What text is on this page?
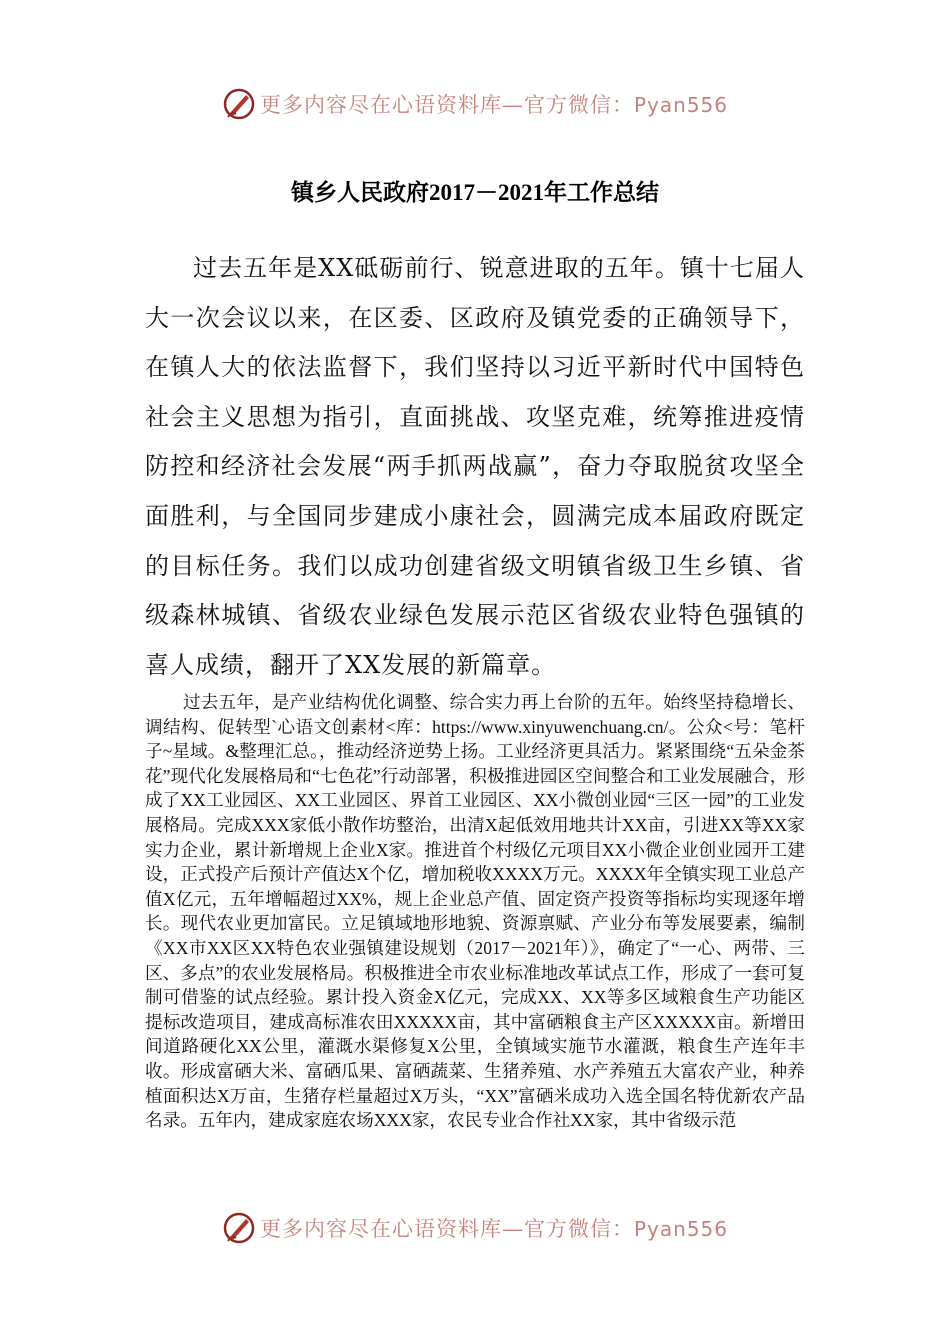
更多内容尽在心语资料库—官方微信：Pyan556
镇乡人民政府2017－2021年工作总结

过去五年是XX砥砺前行、锐意进取的五年。镇十七届人大一次会议以来，在区委、区政府及镇党委的正确领导下，在镇人大的依法监督下，我们坚持以习近平新时代中国特色社会主义思想为指引，直面挑战、攻坚克难，统筹推进疫情防控和经济社会发展“两手抓两战赢”，奋力夺取脱贫攻坚全面胜利，与全国同步建成小康社会，圆满完成本届政府既定的目标任务。我们以成功创建省级文明镇省级卫生乡镇、省级森林城镇、省级农业绿色发展示范区省级农业特色强镇的喜人成绩，翻开了XX发展的新篇章。

过去五年，是产业结构优化调整、综合实力再上台阶的五年。始终坚持稳增长、调结构、促转型`心语文创素材<库：https://www.xinyuwenchuang.cn/。公众<号：笔杆子~星域。&整理汇总。，推动经济逆势上扬。工业经济更具活力。紧紧围绕“五朵金茶花”现代化发展格局和“七色花”行动部署，积极推进园区空间整合和工业发展融合，形成了XX工业园区、XX工业园区、界首工业园区、XX小微创业园“三区一园”的工业发展格局。完成XXX家低小散作坊整治，出清X起低效用地共计XX亩，引进XX等XX家实力企业，累计新增规上企业X家。推进首个村级亿元项目XX小微企业创业园开工建设，正式投产后预计产值达X个亿，增加税收XXXX万元。XXXX年全镇实现工业总产值X亿元，五年增幅超过XX%，规上企业总产值、固定资产投资等指标均实现逐年增长。现代农业更加富民。立足镇域地形地貌、资源禀赋、产业分布等发展要素，编制《XX市XX区XX特色农业强镇建设规划（2017－2021年）》，确定了“一心、两带、三区、多点”的农业发展格局。积极推进全市农业标准地改革试点工作，形成了一套可复制可借鉴的试点经验。累计投入资金X亿元，完成XX、XX等多区域粮食生产功能区提标改造项目，建成高标准农田XXXXX亩，其中富硒粮食主产区XXXXX亩。新增田间道路硬化XX公里，灌溉水渠修复X公里，全镇域实施节水灌溉，粮食生产连年丰收。形成富硒大米、富硒瓜果、富硒蔬菜、生猪养殖、水产养殖五大富农产业，种养植面积达X万亩，生猪存栏量超过X万头，“XX”富硒米成功入选全国名特优新农产品名录。五年内，建成家庭农场XXX家，农民专业合作社XX家，其中省级示范

更多内容尽在心语资料库—官方微信：Pyan556
